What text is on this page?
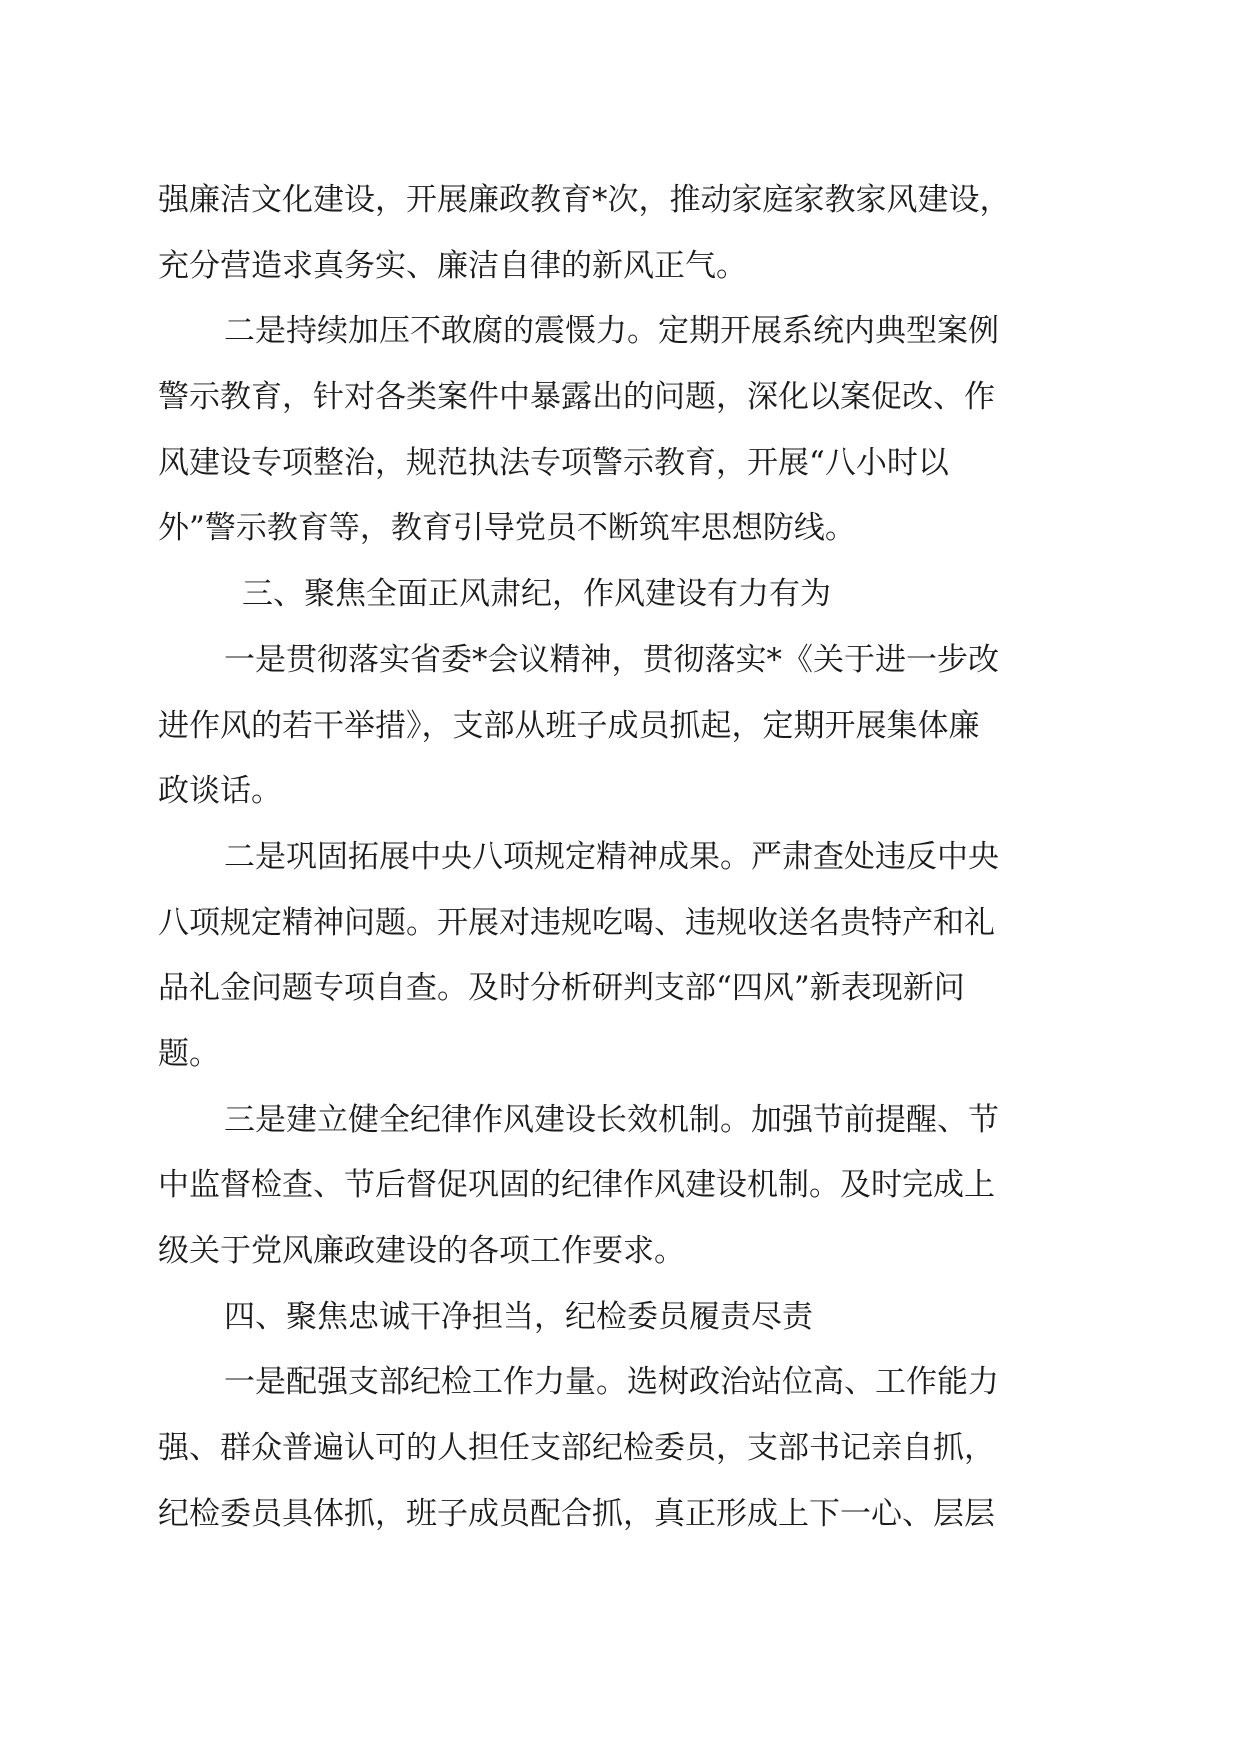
强廉洁文化建设，开展廉政教育*次，推动家庭家教家风建设，
充分营造求真务实、廉洁自律的新风正气。
二是持续加压不敢腐的震慑力。定期开展系统内典型案例
警示教育，针对各类案件中暴露出的问题，深化以案促改、作
风建设专项整治，规范执法专项警示教育，开展“八小时以
外”警示教育等，教育引导党员不断筑牢思想防线。
三、聚焦全面正风肃纪，作风建设有力有为
一是贯彻落实省委*会议精神，贯彻落实*《关于进一步改
进作风的若干举措》，支部从班子成员抓起，定期开展集体廉
政谈话。
二是巩固拓展中央八项规定精神成果。严肃查处违反中央
八项规定精神问题。开展对违规吃喝、违规收送名贵特产和礼
品礼金问题专项自查。及时分析研判支部“四风”新表现新问
题。
三是建立健全纪律作风建设长效机制。加强节前提醒、节
中监督检查、节后督促巩固的纪律作风建设机制。及时完成上
级关于党风廉政建设的各项工作要求。
四、聚焦忠诚干净担当，纪检委员履责尽责
一是配强支部纪检工作力量。选树政治站位高、工作能力
强、群众普遍认可的人担任支部纪检委员，支部书记亲自抓，
纪检委员具体抓，班子成员配合抓，真正形成上下一心、层层
